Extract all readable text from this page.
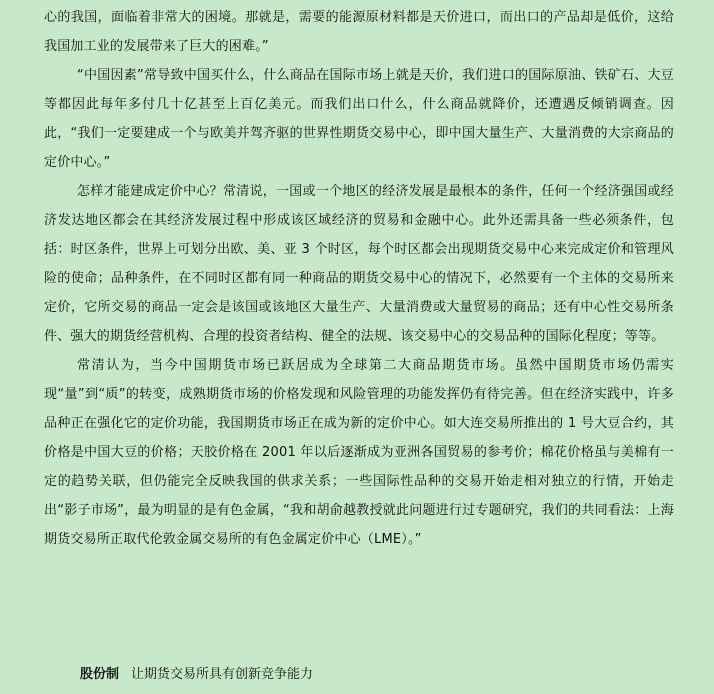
心的我国，面临着非常大的困境。那就是，需要的能源原材料都是天价进口，而出口的产品却是低价，这给我国加工业的发展带来了巨大的困难。”

“中国因素”常导致中国买什么，什么商品在国际市场上就是天价，我们进口的国际原油、铁矿石、大豆等都因此每年多付几十亿甚至上百亿美元。而我们出口什么，什么商品就降价，还遭遇反倾销调查。因此，“我们一定要建成一个与欧美并驾齐驱的世界性期货交易中心，即中国大量生产、大量消费的大宗商品的定价中心。”

怎样才能建成定价中心？常清说，一国或一个地区的经济发展是最根本的条件，任何一个经济强国或经济发达地区都会在其经济发展过程中形成该区域经济的贸易和金融中心。此外还需具备一些必须条件，包括：时区条件，世界上可划分出欧、美、亚 3 个时区，每个时区都会出现期货交易中心来完成定价和管理风险的使命；品种条件，在不同时区都有同一种商品的期货交易中心的情况下，必然要有一个主体的交易所来定价，它所交易的商品一定会是该国或该地区大量生产、大量消费或大量贸易的商品；还有中心性交易所条件、强大的期货经营机构、合理的投资者结构、健全的法规、该交易中心的交易品种的国际化程度；等等。

常清认为，当今中国期货市场已跃居成为全球第二大商品期货市场。虽然中国期货市场仍需实现“量”到“质”的转变，成熟期货市场的价格发现和风险管理的功能发挥仍有待完善。但在经济实践中，许多品种正在强化它的定价功能，我国期货市场正在成为新的定价中心。如大连交易所推出的 1 号大豆合约，其价格是中国大豆的价格；天胶价格在 2001 年以后逐渐成为亚洲各国贸易的参考价；棉花价格虽与美棉有一定的趋势关联，但仍能完全反映我国的供求关系；一些国际性品种的交易开始走相对独立的行情，开始走出“影子市场”，最为明显的是有色金属，“我和胡俞越教授就此问题进行过专题研究，我们的共同看法：上海期货交易所正取代伦敦金属交易所的有色金属定价中心（LME）。”

股份制 让期货交易所具有创新竞争能力
